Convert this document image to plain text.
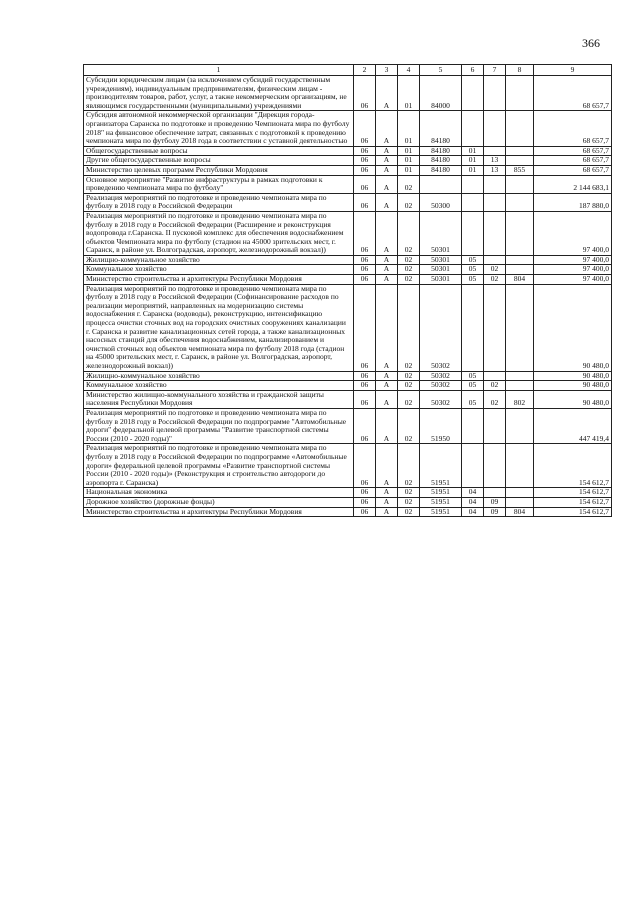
366
1	2	3	4	5	6	7	8	9
Субсидии юридическим лицам (за исключением субсидий государственным учреждениям), индивидуальным предпринимателям, физическим лицам - производителям товаров, работ, услуг, а также некоммерческим организациям, не являющимся государственными (муниципальными) учреждениями	06	А	01	84000				68 657,7
Субсидия автономной некоммерческой организации "Дирекция города-организатора Саранска по подготовке и проведению Чемпионата мира по футболу 2018" на финансовое обеспечение затрат, связанных с подготовкой к проведению чемпионата мира по футболу 2018 года в соответствии с уставной деятельностью	06	А	01	84180				68 657,7
Общегосударственные вопросы	06	А	01	84180	01			68 657,7
Другие общегосударственные вопросы	06	А	01	84180	01	13		68 657,7
Министерство целевых программ Республики Мордовия	06	А	01	84180	01	13	855	68 657,7
Основное мероприятие "Развитие инфраструктуры в рамках подготовки к проведению чемпионата мира по футболу"	06	А	02					2 144 683,1
Реализация мероприятий по подготовке и проведению чемпионата мира по футболу в 2018 году в Российской Федерации	06	А	02	50300				187 880,0
Реализация мероприятий по подготовке и проведению чемпионата мира по футболу в 2018 году в Российской Федерации (Расширение и реконструкция водопровода г.Саранска. II пусковой комплекс для обеспечения водоснабжением объектов Чемпионата мира по футболу (стадион на 45000 зрительских мест, г. Саранск, в районе ул. Волгоградская, аэропорт, железнодорожный вокзал))	06	А	02	50301				97 400,0
Жилищно-коммунальное хозяйство	06	А	02	50301	05			97 400,0
Коммунальное хозяйство	06	А	02	50301	05	02		97 400,0
Министерство строительства и архитектуры Республики Мордовия	06	А	02	50301	05	02	804	97 400,0
Реализация мероприятий по подготовке и проведению чемпионата мира по футболу в 2018 году в Российской Федерации (Софинансирование расходов по реализации мероприятий, направленных на модернизацию системы водоснабжения г. Саранска (водоводы), реконструкцию, интенсификацию процесса очистки сточных вод на городских очистных сооружениях канализации г. Саранска и развитие канализационных сетей города, а также канализационных насосных станций для обеспечения водоснабжением, канализированием и очисткой сточных вод объектов чемпионата мира по футболу 2018 года (стадион на 45000 зрительских мест, г. Саранск, в районе ул. Волгоградская, аэропорт, железнодорожный вокзал))	06	А	02	50302				90 480,0
Жилищно-коммунальное хозяйство	06	А	02	50302	05			90 480,0
Коммунальное хозяйство	06	А	02	50302	05	02		90 480,0
Министерство жилищно-коммунального хозяйства и гражданской защиты населения Республики Мордовия	06	А	02	50302	05	02	802	90 480,0
Реализация мероприятий по подготовке и проведению чемпионата мира по футболу в 2018 году в Российской Федерации по подпрограмме "Автомобильные дороги" федеральной целевой программы "Развитие транспортной системы России (2010 - 2020 годы)"	06	А	02	51950				447 419,4
Реализация мероприятий по подготовке и проведению чемпионата мира по футболу в 2018 году в Российской Федерации по подпрограмме «Автомобильные дороги» федеральной целевой программы «Развитие транспортной системы России (2010 - 2020 годы)» (Реконструкция и строительство автодороги до аэропорта г. Саранска)	06	А	02	51951				154 612,7
Национальная экономика	06	А	02	51951	04			154 612,7
Дорожное хозяйство (дорожные фонды)	06	А	02	51951	04	09		154 612,7
Министерство строительства и архитектуры Республики Мордовия	06	А	02	51951	04	09	804	154 612,7
